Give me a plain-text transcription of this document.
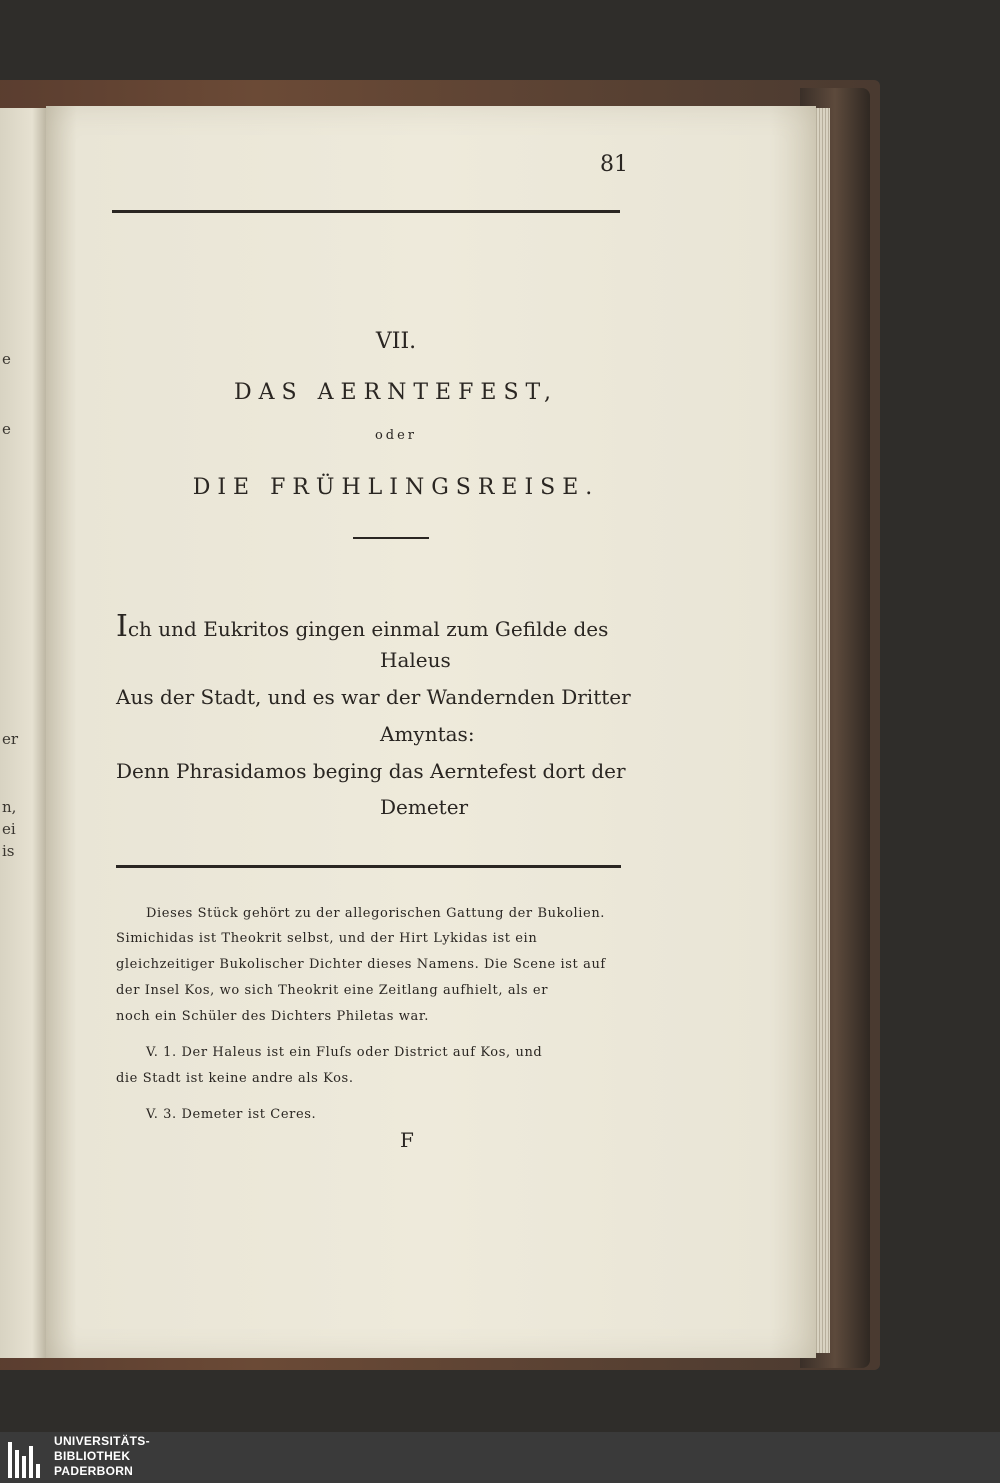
e
e
er
n,
ei
is
81
VII.
DAS AERNTEFEST,
oder
DIE FRÜHLINGSREISE.
Ich und Eukritos gingen einmal zum Gefilde des
Haleus
Aus der Stadt, und es war der Wandernden Dritter
Amyntas:
Denn Phrasidamos beging das Aerntefest dort der
Demeter
Dieses Stück gehört zu der allegorischen Gattung der Bukolien.
Simichidas ist Theokrit selbst, und der Hirt Lykidas ist ein
gleichzeitiger Bukolischer Dichter dieses Namens. Die Scene ist auf
der Insel Kos, wo sich Theokrit eine Zeitlang aufhielt, als er
noch ein Schüler des Dichters Philetas war.
V. 1. Der Haleus ist ein Fluſs oder District auf Kos, und
die Stadt ist keine andre als Kos.
V. 3. Demeter ist Ceres.
F
UNIVERSITÄTS-
BIBLIOTHEK
PADERBORN
